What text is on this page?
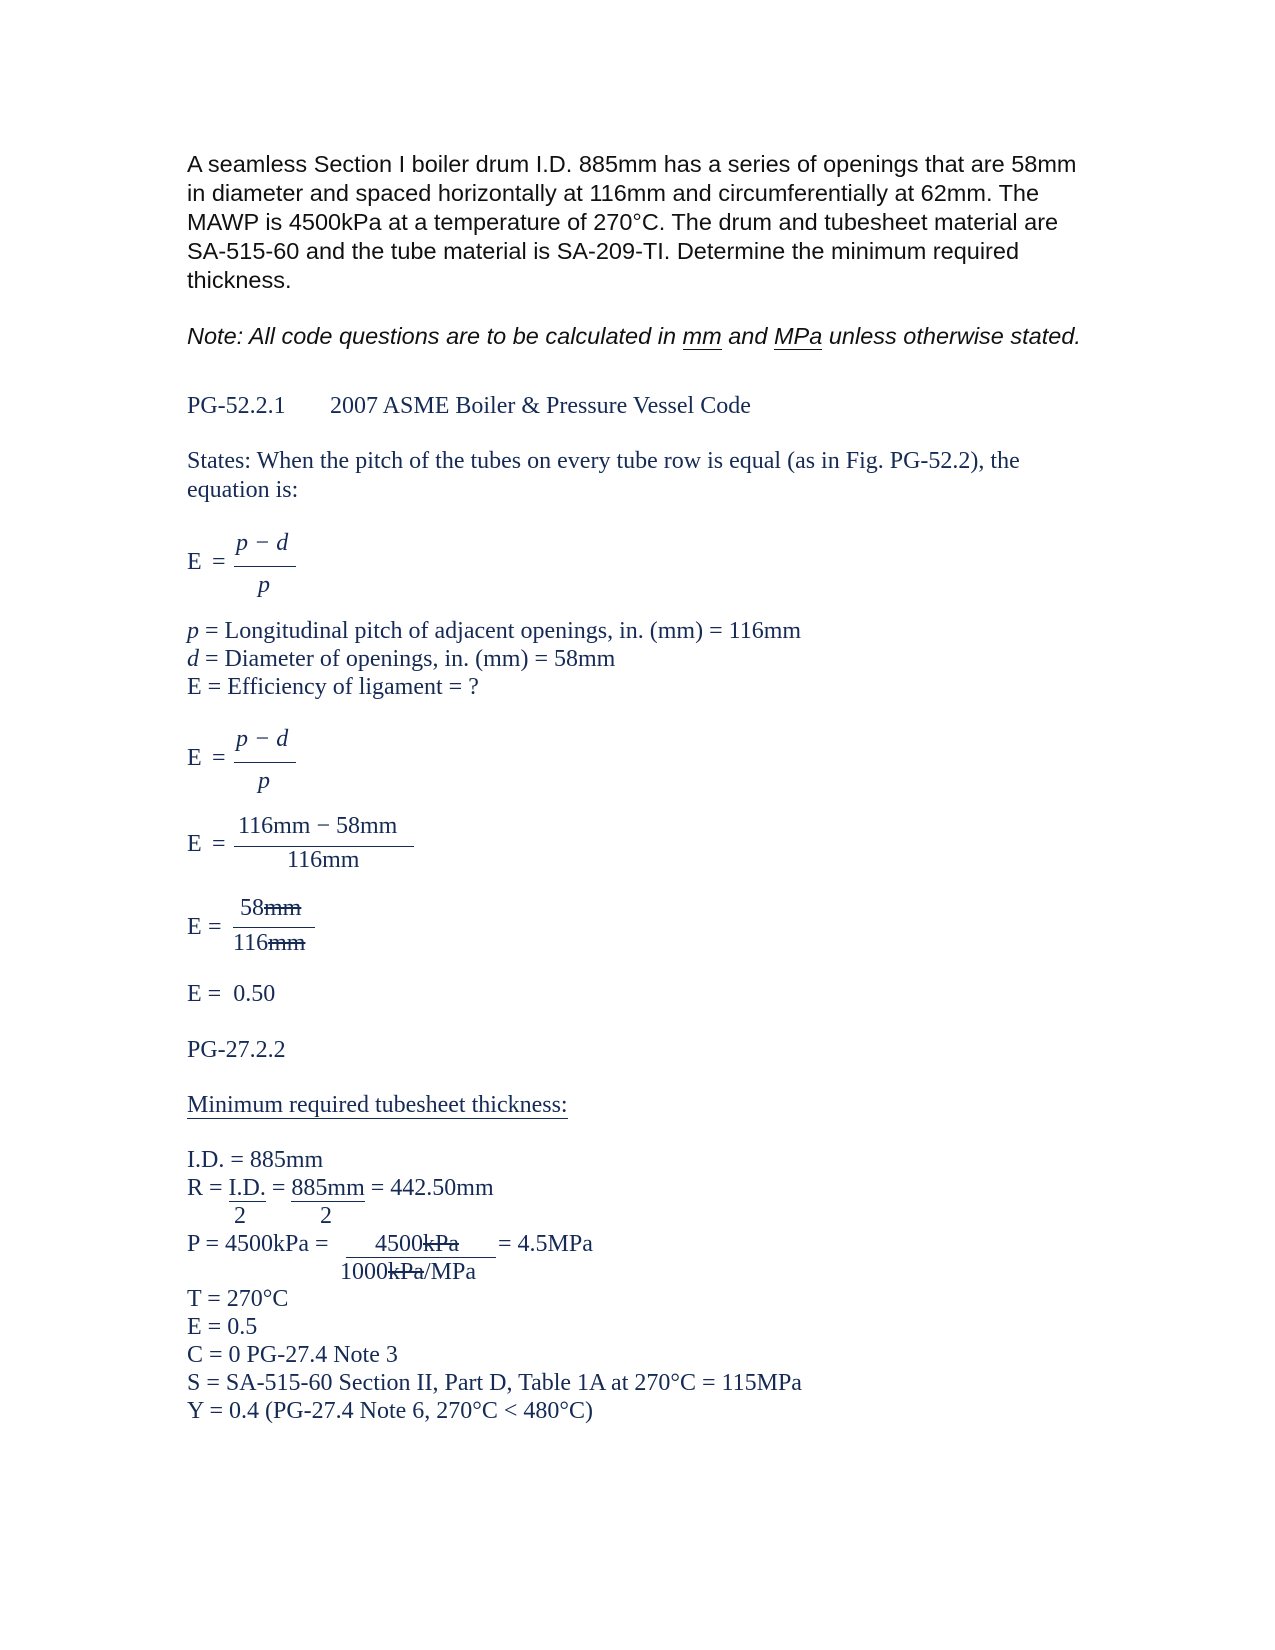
A seamless Section I boiler drum I.D. 885mm has a series of openings that are 58mm in diameter and spaced horizontally at 116mm and circumferentially at 62mm. The MAWP is 4500kPa at a temperature of 270°C. The drum and tubesheet material are SA-515-60 and the tube material is SA-209-TI. Determine the minimum required thickness.
Note: All code questions are to be calculated in mm and MPa unless otherwise stated.
PG-52.2.1 2007 ASME Boiler & Pressure Vessel Code
States: When the pitch of the tubes on every tube row is equal (as in Fig. PG-52.2), the equation is:
E =
p − d
p
p = Longitudinal pitch of adjacent openings, in. (mm) = 116mm
d = Diameter of openings, in. (mm) = 58mm
E = Efficiency of ligament = ?
E =
p − d
p
E =
116mm − 58mm
116mm
E =
58mm
116mm
E =  0.50
PG-27.2.2
Minimum required tubesheet thickness:
I.D. = 885mm
R = I.D. = 885mm = 442.50mm
2	2
P = 4500kPa = 4500kPa = 4.5MPa
1000kPa/MPa
T = 270°C
E = 0.5
C = 0 PG-27.4 Note 3
S = SA-515-60 Section II, Part D, Table 1A at 270°C = 115MPa
Y = 0.4 (PG-27.4 Note 6, 270°C < 480°C)
